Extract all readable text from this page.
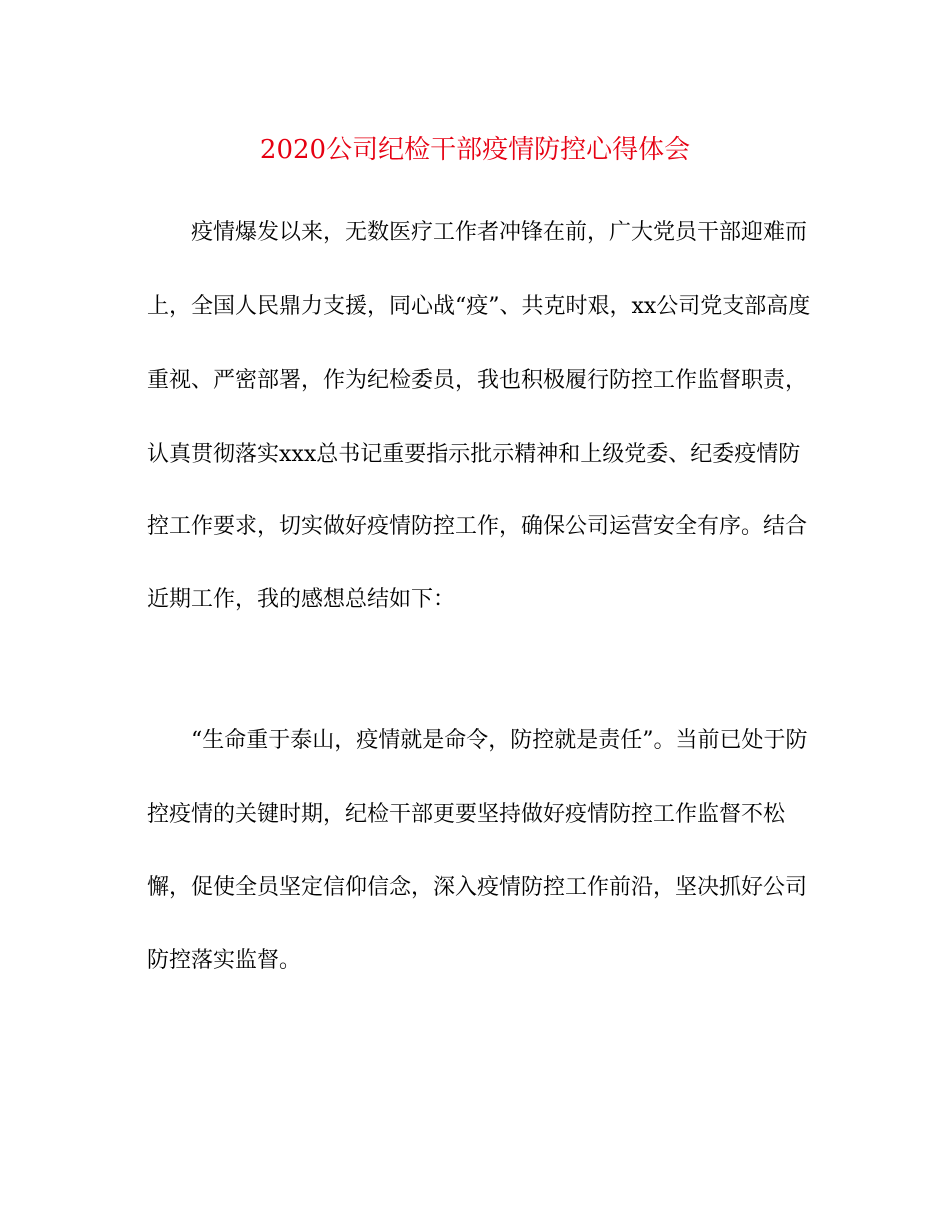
2020公司纪检干部疫情防控心得体会
疫情爆发以来，无数医疗工作者冲锋在前，广大党员干部迎难而
上，全国人民鼎力支援，同心战“疫”、共克时艰，xx公司党支部高度
重视、严密部署，作为纪检委员，我也积极履行防控工作监督职责，
认真贯彻落实xxx总书记重要指示批示精神和上级党委、纪委疫情防
控工作要求，切实做好疫情防控工作，确保公司运营安全有序。结合
近期工作，我的感想总结如下：
“生命重于泰山，疫情就是命令，防控就是责任”。当前已处于防
控疫情的关键时期，纪检干部更要坚持做好疫情防控工作监督不松
懈，促使全员坚定信仰信念，深入疫情防控工作前沿，坚决抓好公司
防控落实监督。
